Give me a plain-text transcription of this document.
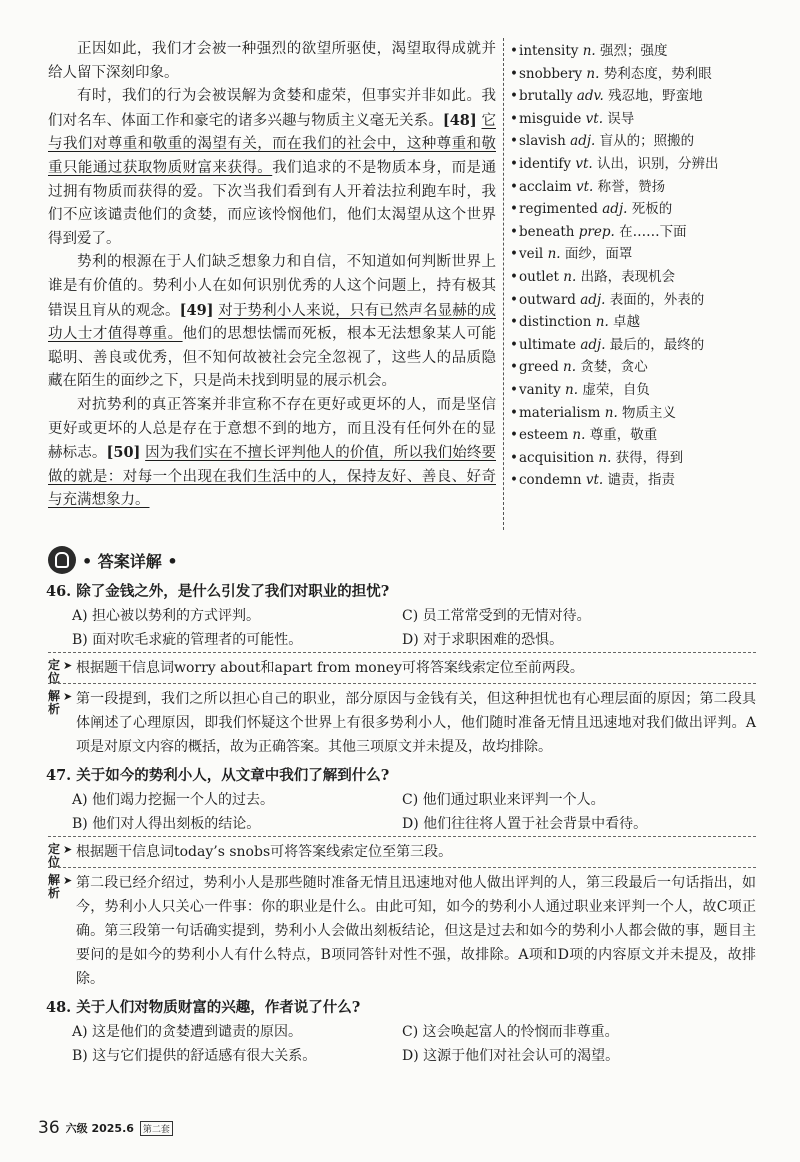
正因如此，我们才会被一种强烈的欲望所驱使，渴望取得成就并给人留下深刻印象。

有时，我们的行为会被误解为贪婪和虚荣，但事实并非如此。我们对名车、体面工作和豪宅的诸多兴趣与物质主义毫无关系。[48] 它与我们对尊重和敬重的渴望有关，而在我们的社会中，这种尊重和敬重只能通过获取物质财富来获得。我们追求的不是物质本身，而是通过拥有物质而获得的爱。下次当我们看到有人开着法拉利跑车时，我们不应该谴责他们的贪婪，而应该怜悯他们，他们太渴望从这个世界得到爱了。

势利的根源在于人们缺乏想象力和自信，不知道如何判断世界上谁是有价值的。势利小人在如何识别优秀的人这个问题上，持有极其错误且肓从的观念。[49] 对于势利小人来说，只有已然声名显赫的成功人士才值得尊重。他们的思想怯懦而死板，根本无法想象某人可能聪明、善良或优秀，但不知何故被社会完全忽视了，这些人的品质隐藏在陌生的面纱之下，只是尚未找到明显的展示机会。

对抗势利的真正答案并非宣称不存在更好或更坏的人，而是坚信更好或更坏的人总是存在于意想不到的地方，而且没有任何外在的显赫标志。[50] 因为我们实在不擅长评判他人的价值，所以我们始终要做的就是：对每一个出现在我们生活中的人，保持友好、善良、好奇与充满想象力。

•intensity n. 强烈；强度
•snobbery n. 势利态度，势利眼
•brutally adv. 残忍地，野蛮地
•misguide vt. 误导
•slavish adj. 盲从的；照搬的
•identify vt. 认出，识别，分辨出
•acclaim vt. 称誉，赞扬
•regimented adj. 死板的
•beneath prep. 在……下面
•veil n. 面纱，面罩
•outlet n. 出路，表现机会
•outward adj. 表面的，外表的
•distinction n. 卓越
•ultimate adj. 最后的，最终的
•greed n. 贪婪，贪心
•vanity n. 虚荣，自负
•materialism n. 物质主义
•esteem n. 尊重，敬重
•acquisition n. 获得，得到
•condemn vt. 谴责，指责
• 答案详解 •
46. 除了金钱之外，是什么引发了我们对职业的担忧?
A) 担心被以势利的方式评判。	C) 员工常常受到的无情对待。
B) 面对吹毛求疵的管理者的可能性。	D) 对于求职困难的恐惧。
定位
➤ 根据题干信息词worry about和apart from money可将答案线索定位至前两段。
解析
➤ 第一段提到，我们之所以担心自己的职业，部分原因与金钱有关，但这种担忧也有心理层面的原因；第二段具体阐述了心理原因，即我们怀疑这个世界上有很多势利小人，他们随时准备无情且迅速地对我们做出评判。A项是对原文内容的概括，故为正确答案。其他三项原文并未提及，故均排除。
47. 关于如今的势利小人，从文章中我们了解到什么?
A) 他们竭力挖掘一个人的过去。	C) 他们通过职业来评判一个人。
B) 他们对人得出刻板的结论。	D) 他们往往将人置于社会背景中看待。
定位
➤ 根据题干信息词today’s snobs可将答案线索定位至第三段。
解析
➤ 第二段已经介绍过，势利小人是那些随时准备无情且迅速地对他人做出评判的人，第三段最后一句话指出，如今，势利小人只关心一件事：你的职业是什么。由此可知，如今的势利小人通过职业来评判一个人，故C项正确。第三段第一句话确实提到，势利小人会做出刻板结论，但这是过去和如今的势利小人都会做的事，题目主要问的是如今的势利小人有什么特点，B项同答针对性不强，故排除。A项和D项的内容原文并未提及，故排除。
48. 关于人们对物质财富的兴趣，作者说了什么?
A) 这是他们的贪婪遭到谴责的原因。	C) 这会唤起富人的怜悯而非尊重。
B) 这与它们提供的舒适感有很大关系。	D) 这源于他们对社会认可的渴望。
36 六级 2025.6	第二套
